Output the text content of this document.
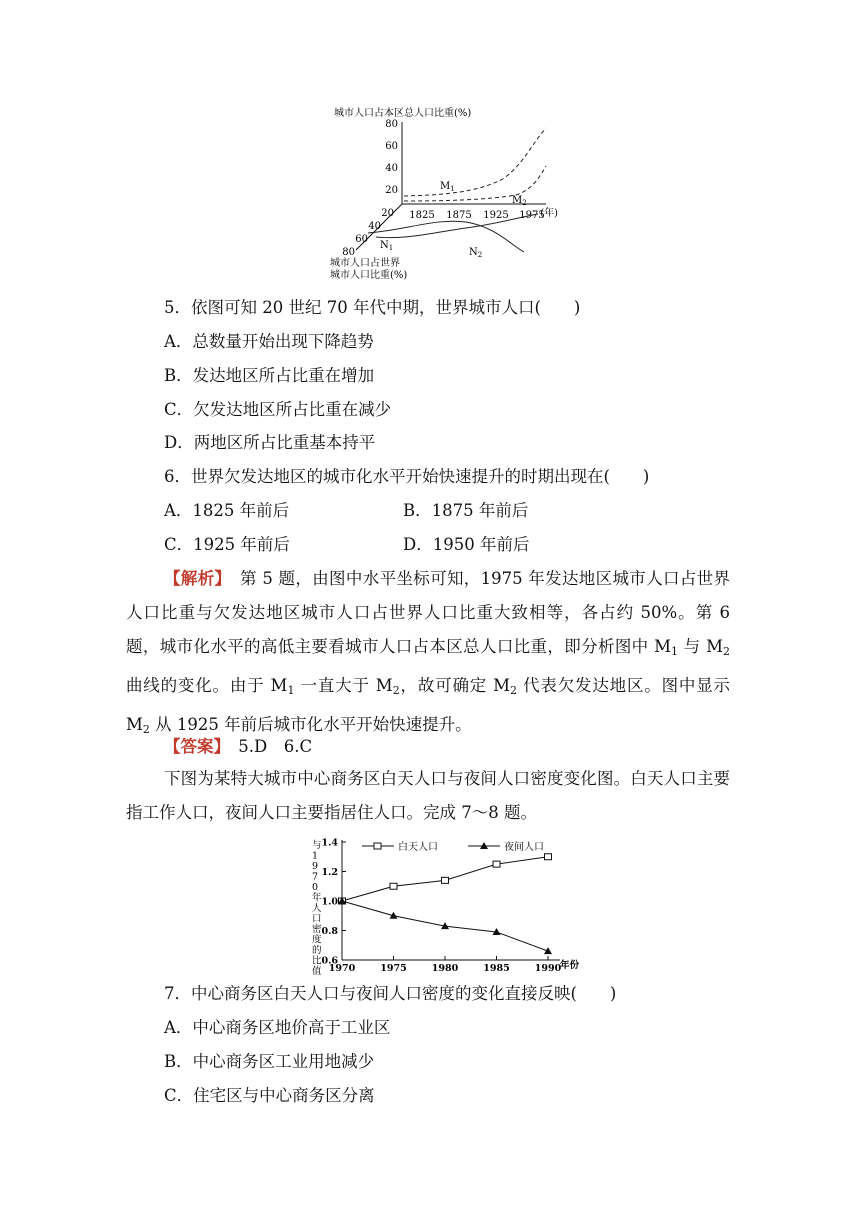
城市人口占本区总人口比重(%)
80
60
40
20
1825 1875 1925 1975
(年)
20
40
60
80
城市人口占世界
城市人口比重(%)
$M_1$
$M_2$
$N_1$	$N_2$
5．依图可知 20 世纪 70 年代中期，世界城市人口(　　)
A．总数量开始出现下降趋势
B．发达地区所占比重在增加
C．欠发达地区所占比重在减少
D．两地区所占比重基本持平
6．世界欠发达地区的城市化水平开始快速提升的时期出现在(　　)
A．1825 年前后	B．1875 年前后
C．1925 年前后	D．1950 年前后
【解析】　第 5 题，由图中水平坐标可知，1975 年发达地区城市人口占世界人口比重与欠发达地区城市人口占世界人口比重大致相等，各占约 50%。第 6 题，城市化水平的高低主要看城市人口占本区总人口比重，即分析图中 $M_1$ 与 $M_2$ 曲线的变化。由于 $M_1$ 一直大于 $M_2$，故可确定 $M_2$ 代表欠发达地区。图中显示 $M_2$ 从 1925 年前后城市化水平开始快速提升。
【答案】　5.D　6.C
下图为某特大城市中心商务区白天人口与夜间人口密度变化图。白天人口主要指工作人口，夜间人口主要指居住人口。完成 7～8 题。
与 1 9 7 0 年人口密度的比值
1.4
1.2
1.0
0.8
0.6
1970	1975	1980	1985	1990
年份
白天人口	夜间人口
7．中心商务区白天人口与夜间人口密度的变化直接反映(　　)
A．中心商务区地价高于工业区
B．中心商务区工业用地减少
C．住宅区与中心商务区分离
